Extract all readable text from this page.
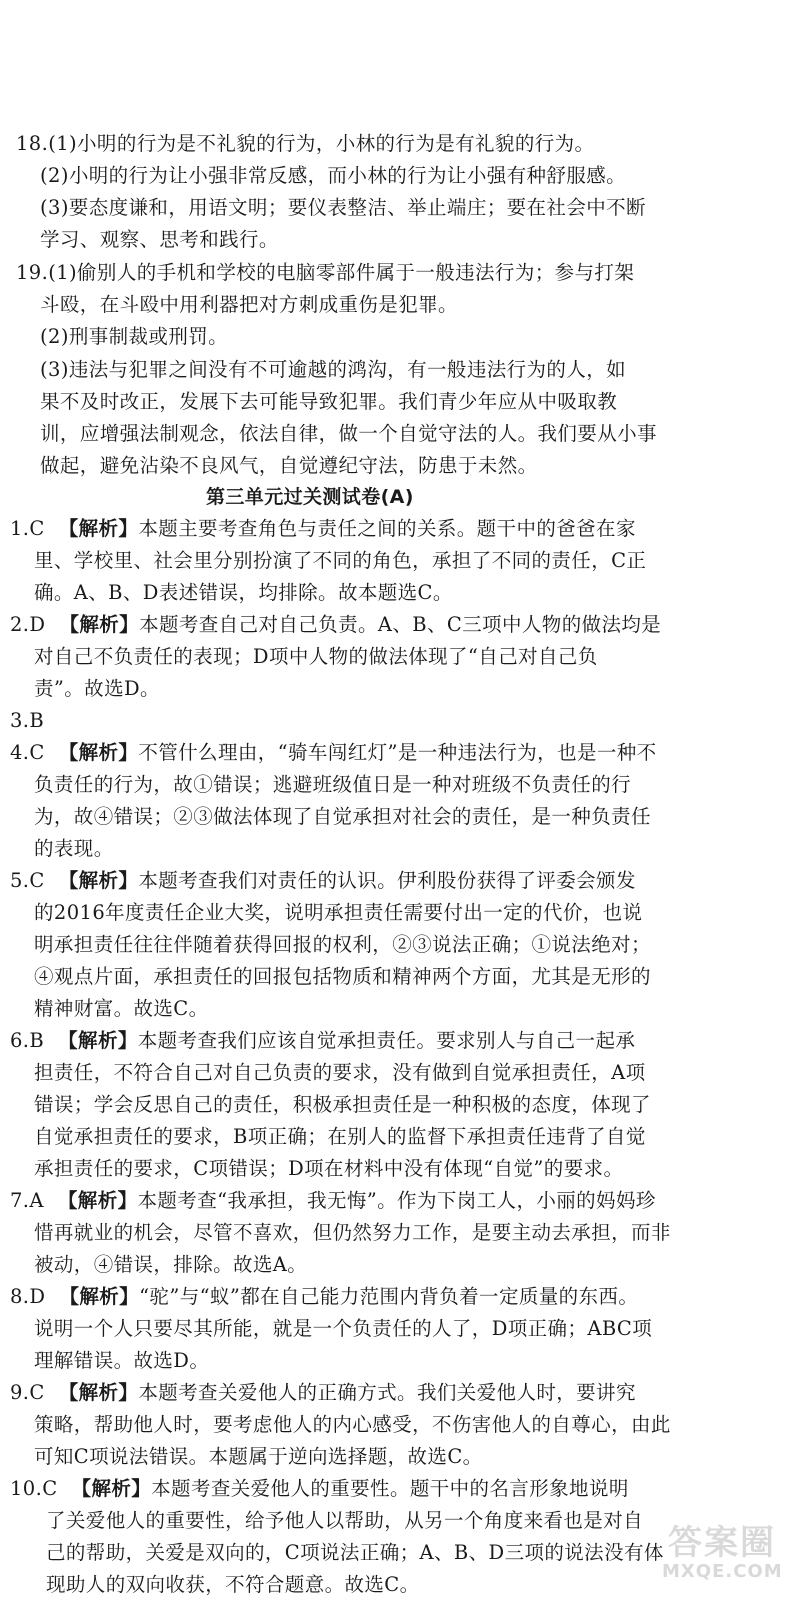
18.(1)小明的行为是不礼貌的行为，小林的行为是有礼貌的行为。
(2)小明的行为让小强非常反感，而小林的行为让小强有种舒服感。
(3)要态度谦和，用语文明；要仪表整洁、举止端庄；要在社会中不断
学习、观察、思考和践行。
19.(1)偷别人的手机和学校的电脑零部件属于一般违法行为；参与打架
斗殴，在斗殴中用利器把对方刺成重伤是犯罪。
(2)刑事制裁或刑罚。
(3)违法与犯罪之间没有不可逾越的鸿沟，有一般违法行为的人，如
果不及时改正，发展下去可能导致犯罪。我们青少年应从中吸取教
训，应增强法制观念，依法自律，做一个自觉守法的人。我们要从小事
做起，避免沾染不良风气，自觉遵纪守法，防患于未然。
第三单元过关测试卷(A)
1.C 【解析】本题主要考查角色与责任之间的关系。题干中的爸爸在家
里、学校里、社会里分别扮演了不同的角色，承担了不同的责任，C正
确。A、B、D表述错误，均排除。故本题选C。
2.D 【解析】本题考查自己对自己负责。A、B、C三项中人物的做法均是
对自己不负责任的表现；D项中人物的做法体现了“自己对自己负
责”。故选D。
3.B
4.C 【解析】不管什么理由，“骑车闯红灯”是一种违法行为，也是一种不
负责任的行为，故①错误；逃避班级值日是一种对班级不负责任的行
为，故④错误；②③做法体现了自觉承担对社会的责任，是一种负责任
的表现。
5.C 【解析】本题考查我们对责任的认识。伊利股份获得了评委会颁发
的2016年度责任企业大奖，说明承担责任需要付出一定的代价，也说
明承担责任往往伴随着获得回报的权利，②③说法正确；①说法绝对；
④观点片面，承担责任的回报包括物质和精神两个方面，尤其是无形的
精神财富。故选C。
6.B 【解析】本题考查我们应该自觉承担责任。要求别人与自己一起承
担责任，不符合自己对自己负责的要求，没有做到自觉承担责任，A项
错误；学会反思自己的责任，积极承担责任是一种积极的态度，体现了
自觉承担责任的要求，B项正确；在别人的监督下承担责任违背了自觉
承担责任的要求，C项错误；D项在材料中没有体现“自觉”的要求。
7.A 【解析】本题考查“我承担，我无悔”。作为下岗工人，小丽的妈妈珍
惜再就业的机会，尽管不喜欢，但仍然努力工作，是要主动去承担，而非
被动，④错误，排除。故选A。
8.D 【解析】“驼”与“蚁”都在自己能力范围内背负着一定质量的东西。
说明一个人只要尽其所能，就是一个负责任的人了，D项正确；ABC项
理解错误。故选D。
9.C 【解析】本题考查关爱他人的正确方式。我们关爱他人时，要讲究
策略，帮助他人时，要考虑他人的内心感受，不伤害他人的自尊心，由此
可知C项说法错误。本题属于逆向选择题，故选C。
10.C 【解析】本题考查关爱他人的重要性。题干中的名言形象地说明
了关爱他人的重要性，给予他人以帮助，从另一个角度来看也是对自
己的帮助，关爱是双向的，C项说法正确；A、B、D三项的说法没有体
现助人的双向收获，不符合题意。故选C。
答案圈
MXQE.COM
